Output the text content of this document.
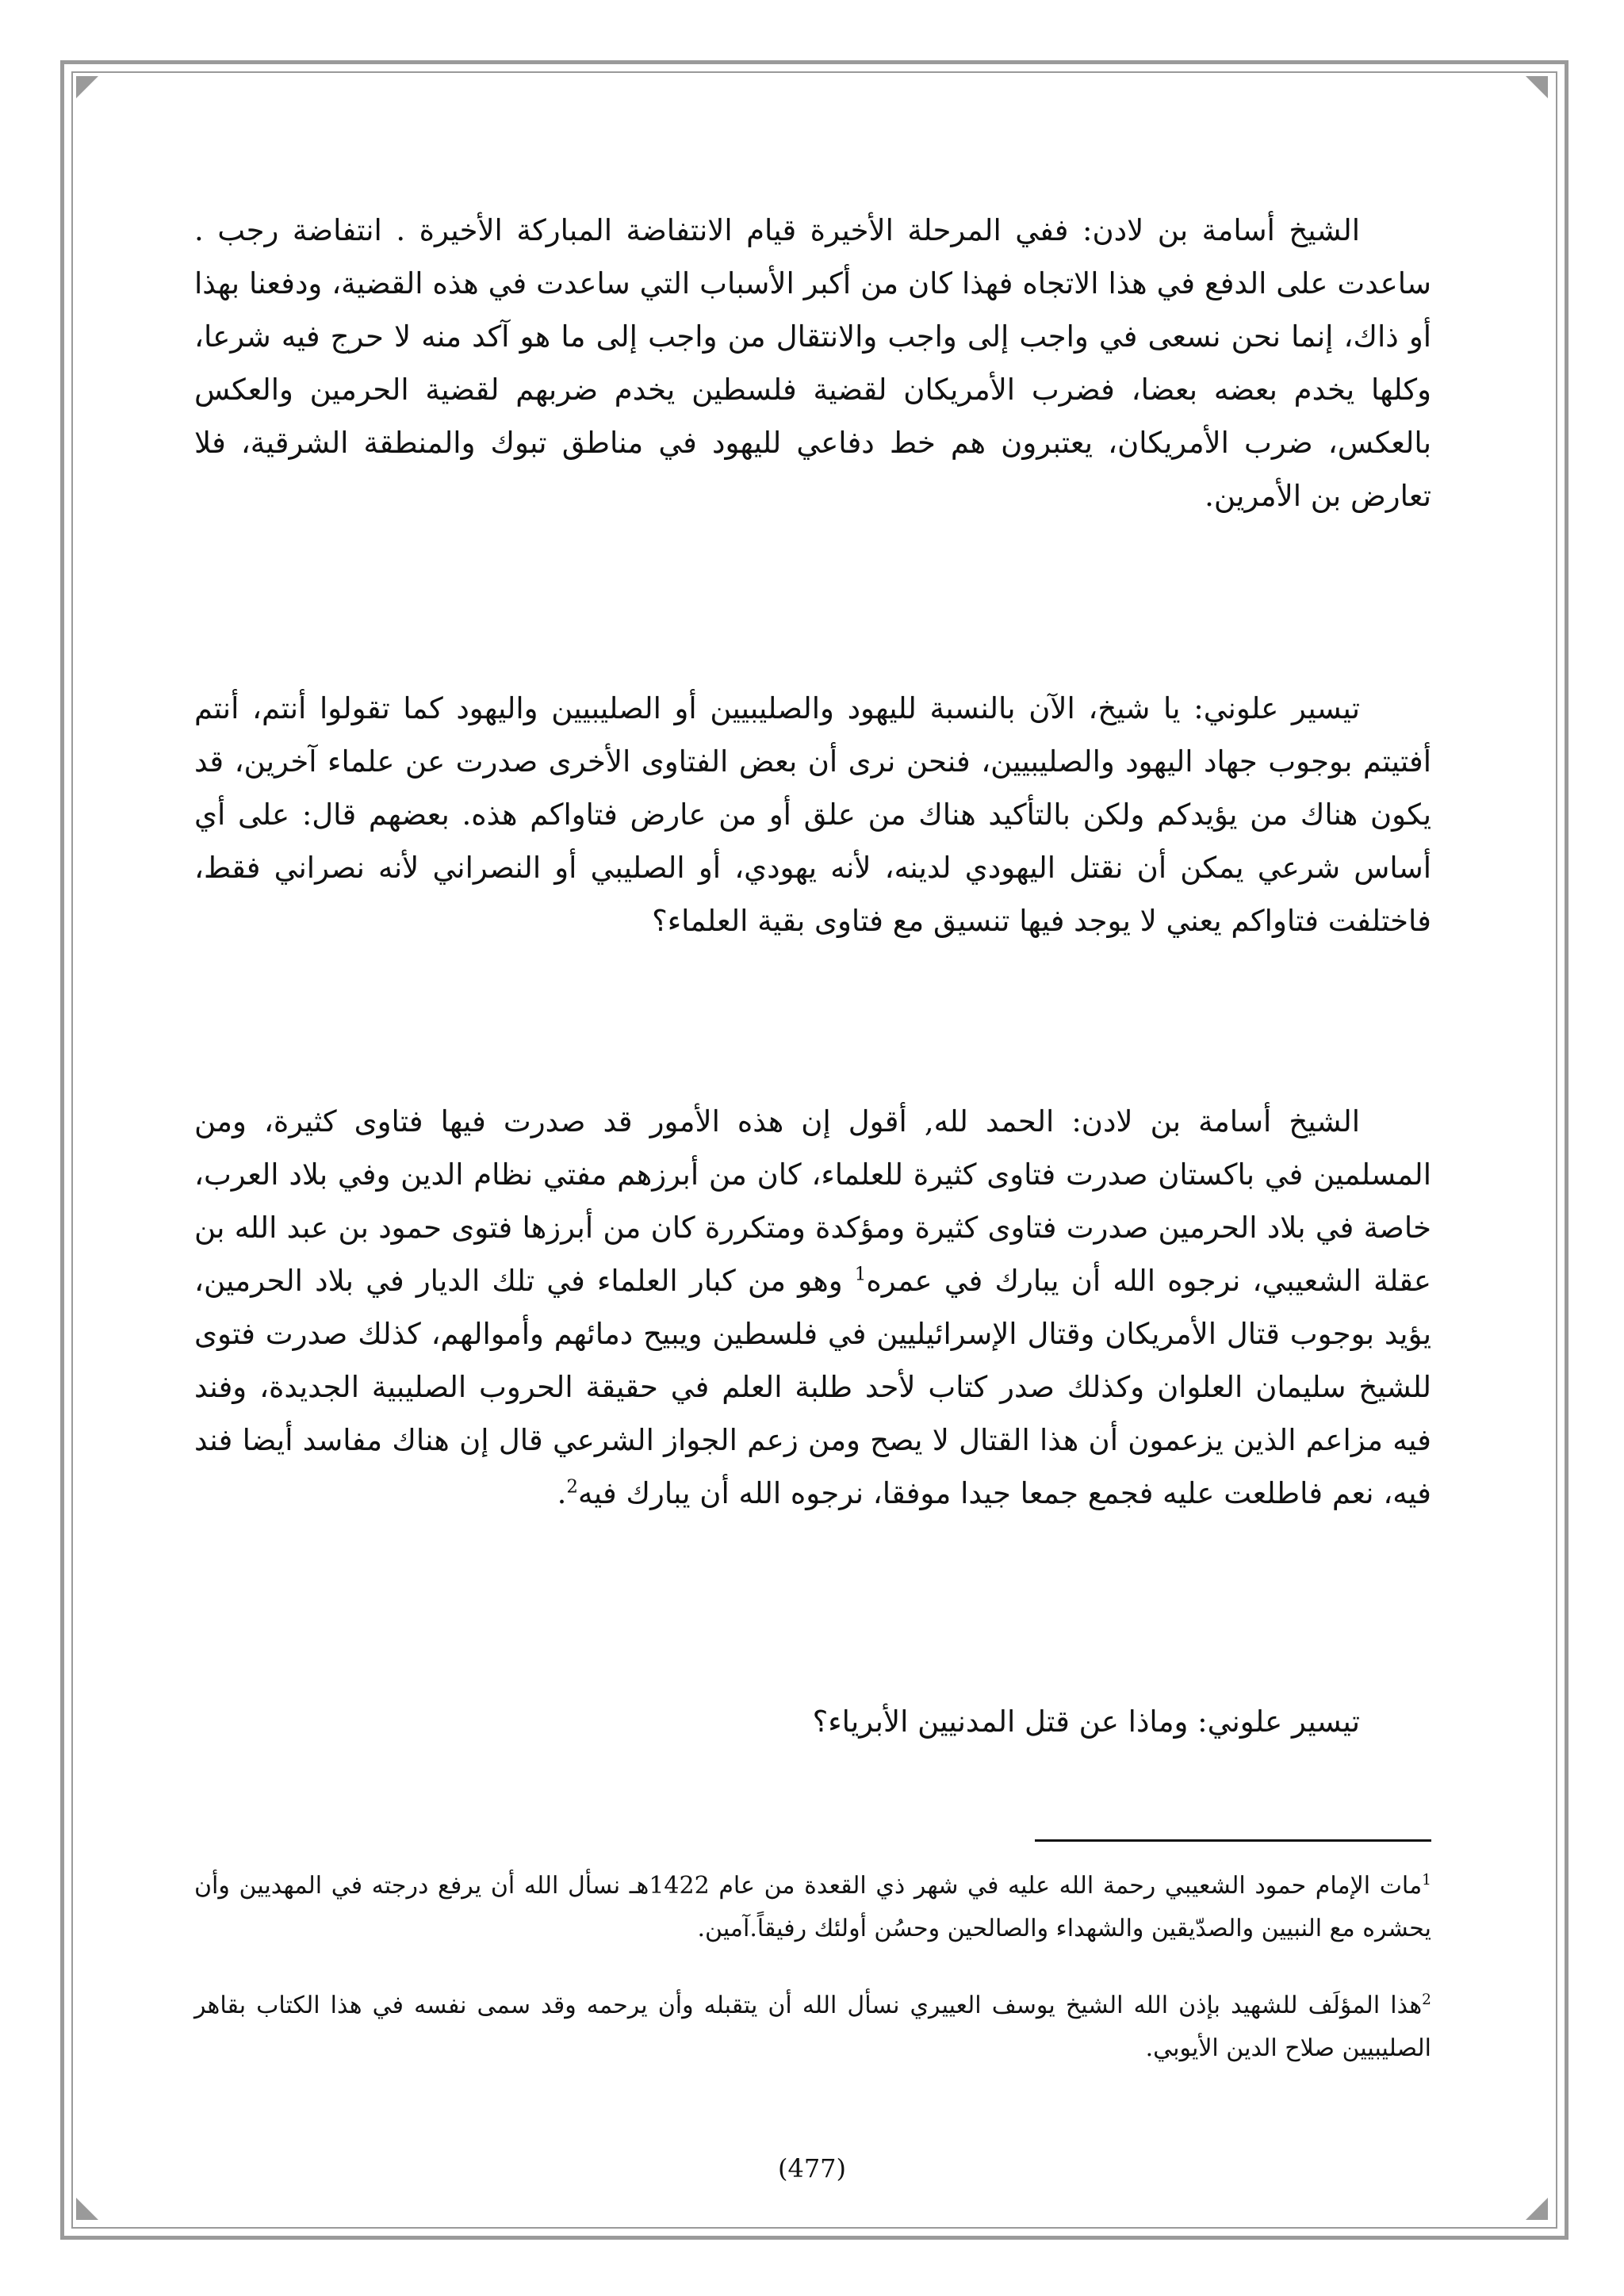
الشيخ أسامة بن لادن: ففي المرحلة الأخيرة قيام الانتفاضة المباركة الأخيرة . انتفاضة رجب . ساعدت على الدفع في هذا الاتجاه فهذا كان من أكبر الأسباب التي ساعدت في هذه القضية، ودفعنا بهذا أو ذاك، إنما نحن نسعى في واجب إلى واجب والانتقال من واجب إلى ما هو آكد منه لا حرج فيه شرعا، وكلها يخدم بعضه بعضا، فضرب الأمريكان لقضية فلسطين يخدم ضربهم لقضية الحرمين والعكس بالعكس، ضرب الأمريكان، يعتبرون هم خط دفاعي لليهود في مناطق تبوك والمنطقة الشرقية، فلا تعارض بن الأمرين.

تيسير علوني: يا شيخ، الآن بالنسبة لليهود والصليبيين أو الصليبيين واليهود كما تقولوا أنتم، أنتم أفتيتم بوجوب جهاد اليهود والصليبيين، فنحن نرى أن بعض الفتاوى الأخرى صدرت عن علماء آخرين، قد يكون هناك من يؤيدكم ولكن بالتأكيد هناك من علق أو من عارض فتاواكم هذه. بعضهم قال: على أي أساس شرعي يمكن أن نقتل اليهودي لدينه، لأنه يهودي، أو الصليبي أو النصراني لأنه نصراني فقط، فاختلفت فتاواكم يعني لا يوجد فيها تنسيق مع فتاوى بقية العلماء؟

الشيخ أسامة بن لادن: الحمد لله, أقول إن هذه الأمور قد صدرت فيها فتاوى كثيرة، ومن المسلمين في باكستان صدرت فتاوى كثيرة للعلماء، كان من أبرزهم مفتي نظام الدين وفي بلاد العرب، خاصة في بلاد الحرمين صدرت فتاوى كثيرة ومؤكدة ومتكررة كان من أبرزها فتوى حمود بن عبد الله بن عقلة الشعيبي، نرجوه الله أن يبارك في عمره$^1$ وهو من كبار العلماء في تلك الديار في بلاد الحرمين، يؤيد بوجوب قتال الأمريكان وقتال الإسرائيليين في فلسطين ويبيح دمائهم وأموالهم، كذلك صدرت فتوى للشيخ سليمان العلوان وكذلك صدر كتاب لأحد طلبة العلم في حقيقة الحروب الصليبية الجديدة، وفند فيه مزاعم الذين يزعمون أن هذا القتال لا يصح ومن زعم الجواز الشرعي قال إن هناك مفاسد أيضا فند فيه، نعم فاطلعت عليه فجمع جمعا جيدا موفقا، نرجوه الله أن يبارك فيه$^2$.

تيسير علوني: وماذا عن قتل المدنيين الأبرياء؟

$^1$مات الإمام حمود الشعيبي رحمة الله عليه في شهر ذي القعدة من عام 1422هـ نسأل الله أن يرفع درجته في المهديين وأن يحشره مع النبيين والصدّيقين والشهداء والصالحين وحسُن أولئك رفيقاً.آمين.
$^2$هذا المؤلَف للشهيد بإذن الله الشيخ يوسف العييري نسأل الله أن يتقبله وأن يرحمه وقد سمى نفسه في هذا الكتاب بقاهر الصليبيين صلاح الدين الأيوبي.
(477)
